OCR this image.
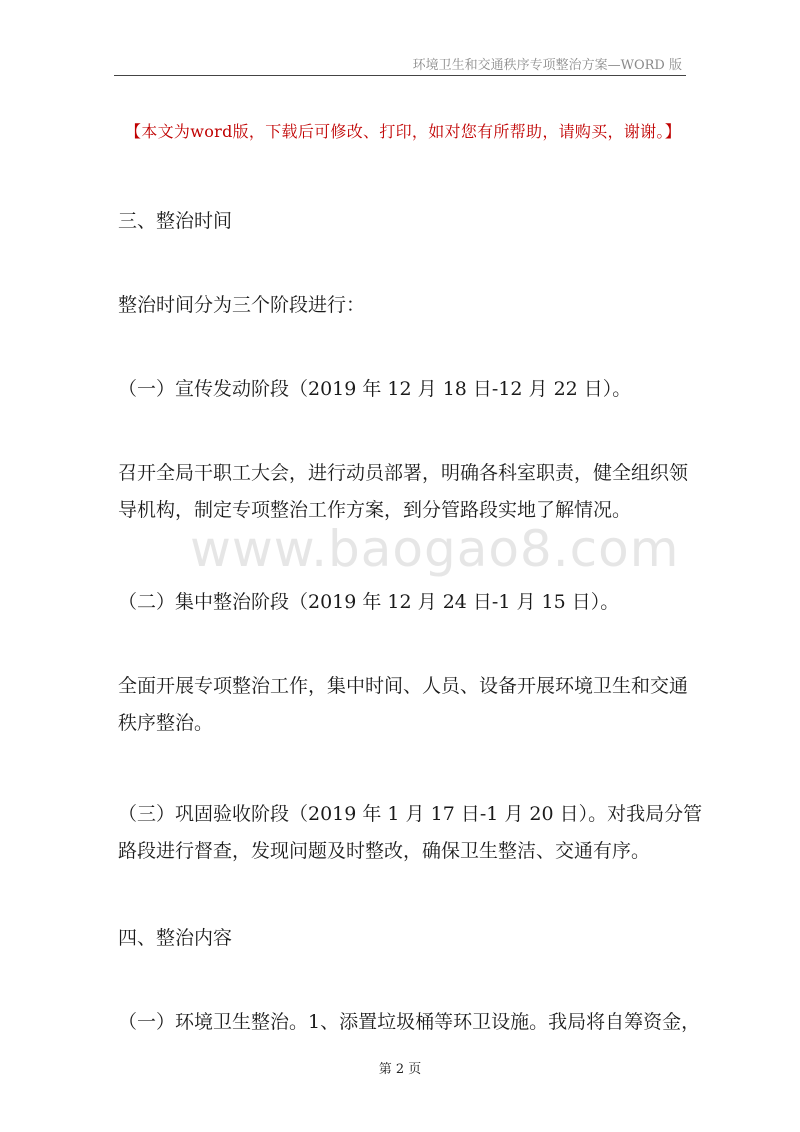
环境卫生和交通秩序专项整治方案—WORD 版
【本文为word版，下载后可修改、打印，如对您有所帮助，请购买，谢谢。】
www.baogao8.com
三、整治时间
整治时间分为三个阶段进行：
（一）宣传发动阶段（2019 年 12 月 18 日-12 月 22 日）。
召开全局干职工大会，进行动员部署，明确各科室职责，健全组织领
导机构，制定专项整治工作方案，到分管路段实地了解情况。
（二）集中整治阶段（2019 年 12 月 24 日-1 月 15 日）。
全面开展专项整治工作，集中时间、人员、设备开展环境卫生和交通
秩序整治。
（三）巩固验收阶段（2019 年 1 月 17 日-1 月 20 日）。对我局分管
路段进行督查，发现问题及时整改，确保卫生整洁、交通有序。
四、整治内容
（一）环境卫生整治。1、添置垃圾桶等环卫设施。我局将自筹资金，
第 2 页
